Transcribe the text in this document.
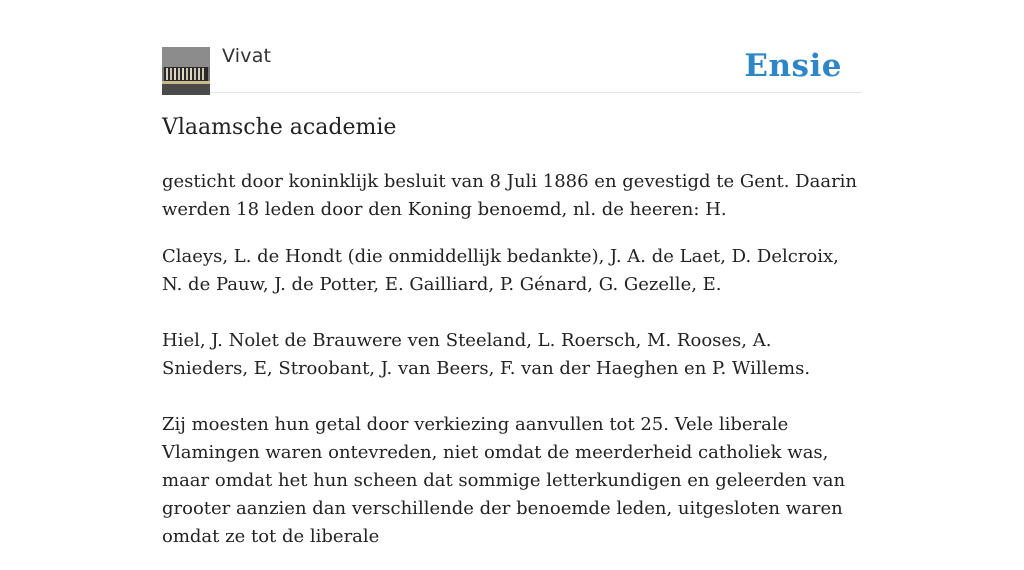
Vivat	Ensie
Vlaamsche academie

gesticht door koninklijk besluit van 8 Juli 1886 en gevestigd te Gent. Daarin werden 18 leden door den Koning benoemd, nl. de heeren: H.

Claeys, L. de Hondt (die onmiddellijk bedankte), J. A. de Laet, D. Delcroix, N. de Pauw, J. de Potter, E. Gailliard, P. Génard, G. Gezelle, E.

Hiel, J. Nolet de Brauwere ven Steeland, L. Roersch, M. Rooses, A. Snieders, E, Stroobant, J. van Beers, F. van der Haeghen en P. Willems.

Zij moesten hun getal door verkiezing aanvullen tot 25. Vele liberale Vlamingen waren ontevreden, niet omdat de meerderheid catholiek was, maar omdat het hun scheen dat sommige letterkundigen en geleerden van grooter aanzien dan verschillende der benoemde leden, uitgesloten waren omdat ze tot de liberale
